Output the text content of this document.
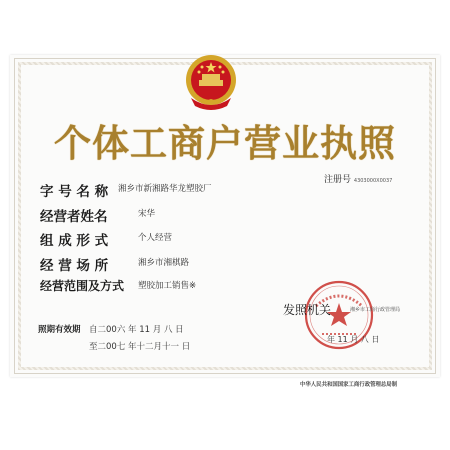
个体工商户营业执照
注册号 4303000X0037
字 号 名 称 湘乡市新湘路华龙塑胶厂
经营者姓名	宋华
组 成 形 式	个人经营
经 营 场 所	湘乡市湘棋路
经营范围及方式 塑胶加工销售※
发照机关	湘乡市工商行政管理局
年 11 月 八 日
照期有效期 自二00六 年 11 月 八 日
至二00七 年十二月十一 日
中华人民共和国国家工商行政管理总局制
